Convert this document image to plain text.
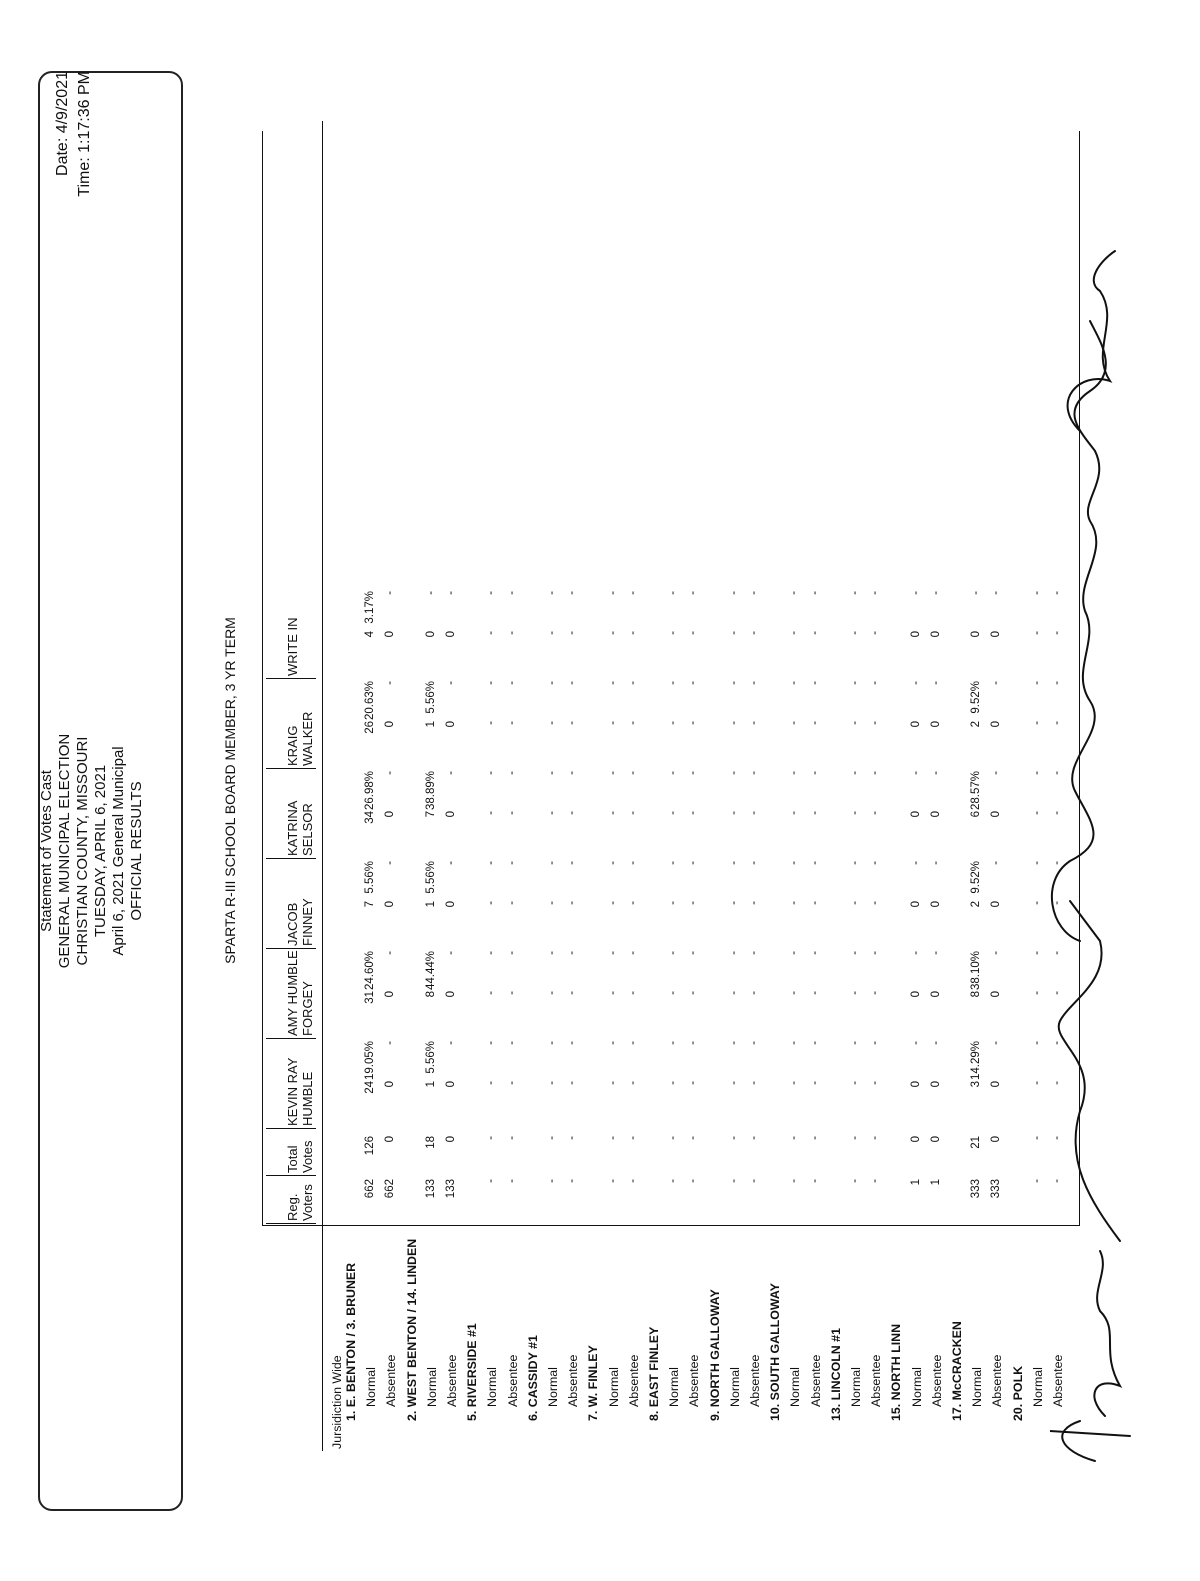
Statement of Votes Cast GENERAL MUNICIPAL ELECTION CHRISTIAN COUNTY, MISSOURI TUESDAY, APRIL 6, 2021 April 6, 2021 General Municipal OFFICIAL RESULTS
Date: 4/9/2021 Time: 1:17:36 PM
SPARTA R-III SCHOOL BOARD MEMBER, 3 YR TERM
Jursidiction Wide
Reg. Voters
Total Votes
KEVIN RAY HUMBLE
AMY HUMBLE FORGEY
JACOB FINNEY
KATRINA SELSOR
KRAIG WALKER
WRITE IN
1. E. BENTON / 3. BRUNER Normal
662
126
24
19.05%
31
24.60%
7
5.56%
34
26.98%
26
20.63%
4
3.17%
Absentee
662
0
0
-
0
-
0
-
0
-
0
-
0
-
2. WEST BENTON / 14. LINDEN Normal
133
18
1
5.56%
8
44.44%
1
5.56%
7
38.89%
1
5.56%
0
-
Absentee
133
0
0
-
0
-
0
-
0
-
0
-
0
-
5. RIVERSIDE #1 Normal
-
-
-
-
-
-
-
-
-
-
-
-
-
-
Absentee
-
-
-
-
-
-
-
-
-
-
-
-
-
-
6. CASSIDY #1 Normal
-
-
-
-
-
-
-
-
-
-
-
-
-
-
Absentee
-
-
-
-
-
-
-
-
-
-
-
-
-
-
7. W. FINLEY Normal
-
-
-
-
-
-
-
-
-
-
-
-
-
-
Absentee
-
-
-
-
-
-
-
-
-
-
-
-
-
-
8. EAST FINLEY Normal
-
-
-
-
-
-
-
-
-
-
-
-
-
-
Absentee
-
-
-
-
-
-
-
-
-
-
-
-
-
-
9. NORTH GALLOWAY Normal
-
-
-
-
-
-
-
-
-
-
-
-
-
-
Absentee
-
-
-
-
-
-
-
-
-
-
-
-
-
-
10. SOUTH GALLOWAY Normal
-
-
-
-
-
-
-
-
-
-
-
-
-
-
Absentee
-
-
-
-
-
-
-
-
-
-
-
-
-
-
13. LINCOLN #1 Normal
-
-
-
-
-
-
-
-
-
-
-
-
-
-
Absentee
-
-
-
-
-
-
-
-
-
-
-
-
-
-
15. NORTH LINN Normal
1
0
0
-
0
-
0
-
0
-
0
-
0
-
Absentee
1
0
0
-
0
-
0
-
0
-
0
-
0
-
17. McCRACKEN Normal
333
21
3
14.29%
8
38.10%
2
9.52%
6
28.57%
2
9.52%
0
-
Absentee
333
0
0
-
0
-
0
-
0
-
0
-
0
-
20. POLK Normal
-
-
-
-
-
-
-
-
-
-
-
-
-
-
Absentee
-
-
-
-
-
-
-
-
-
-
-
-
-
-
